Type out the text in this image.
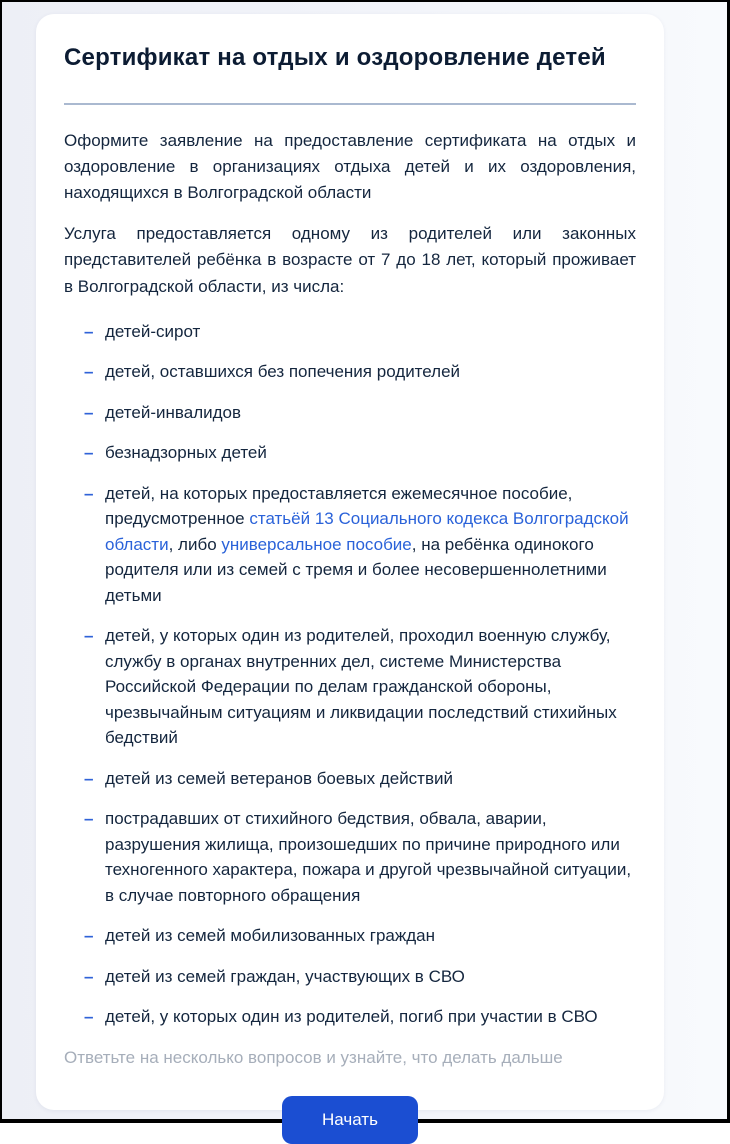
Сертификат на отдых и оздоровление детей

Оформите заявление на предоставление сертификата на отдых и оздоровление в организациях отдыха детей и их оздоровления, находящихся в Волгоградской области

Услуга предоставляется одному из родителей или законных представителей ребёнка в возрасте от 7 до 18 лет, который проживает в Волгоградской области, из числа:

– детей-сирот
– детей, оставшихся без попечения родителей
– детей-инвалидов
– безнадзорных детей
– детей, на которых предоставляется ежемесячное пособие, предусмотренное статьёй 13 Социального кодекса Волгоградской области, либо универсальное пособие, на ребёнка одинокого родителя или из семей с тремя и более несовершеннолетними детьми
– детей, у которых один из родителей, проходил военную службу, службу в органах внутренних дел, системе Министерства Российской Федерации по делам гражданской обороны, чрезвычайным ситуациям и ликвидации последствий стихийных бедствий
– детей из семей ветеранов боевых действий
– пострадавших от стихийного бедствия, обвала, аварии, разрушения жилища, произошедших по причине природного или техногенного характера, пожара и другой чрезвычайной ситуации, в случае повторного обращения
– детей из семей мобилизованных граждан
– детей из семей граждан, участвующих в СВО
– детей, у которых один из родителей, погиб при участии в СВО

Ответьте на несколько вопросов и узнайте, что делать дальше

Начать
